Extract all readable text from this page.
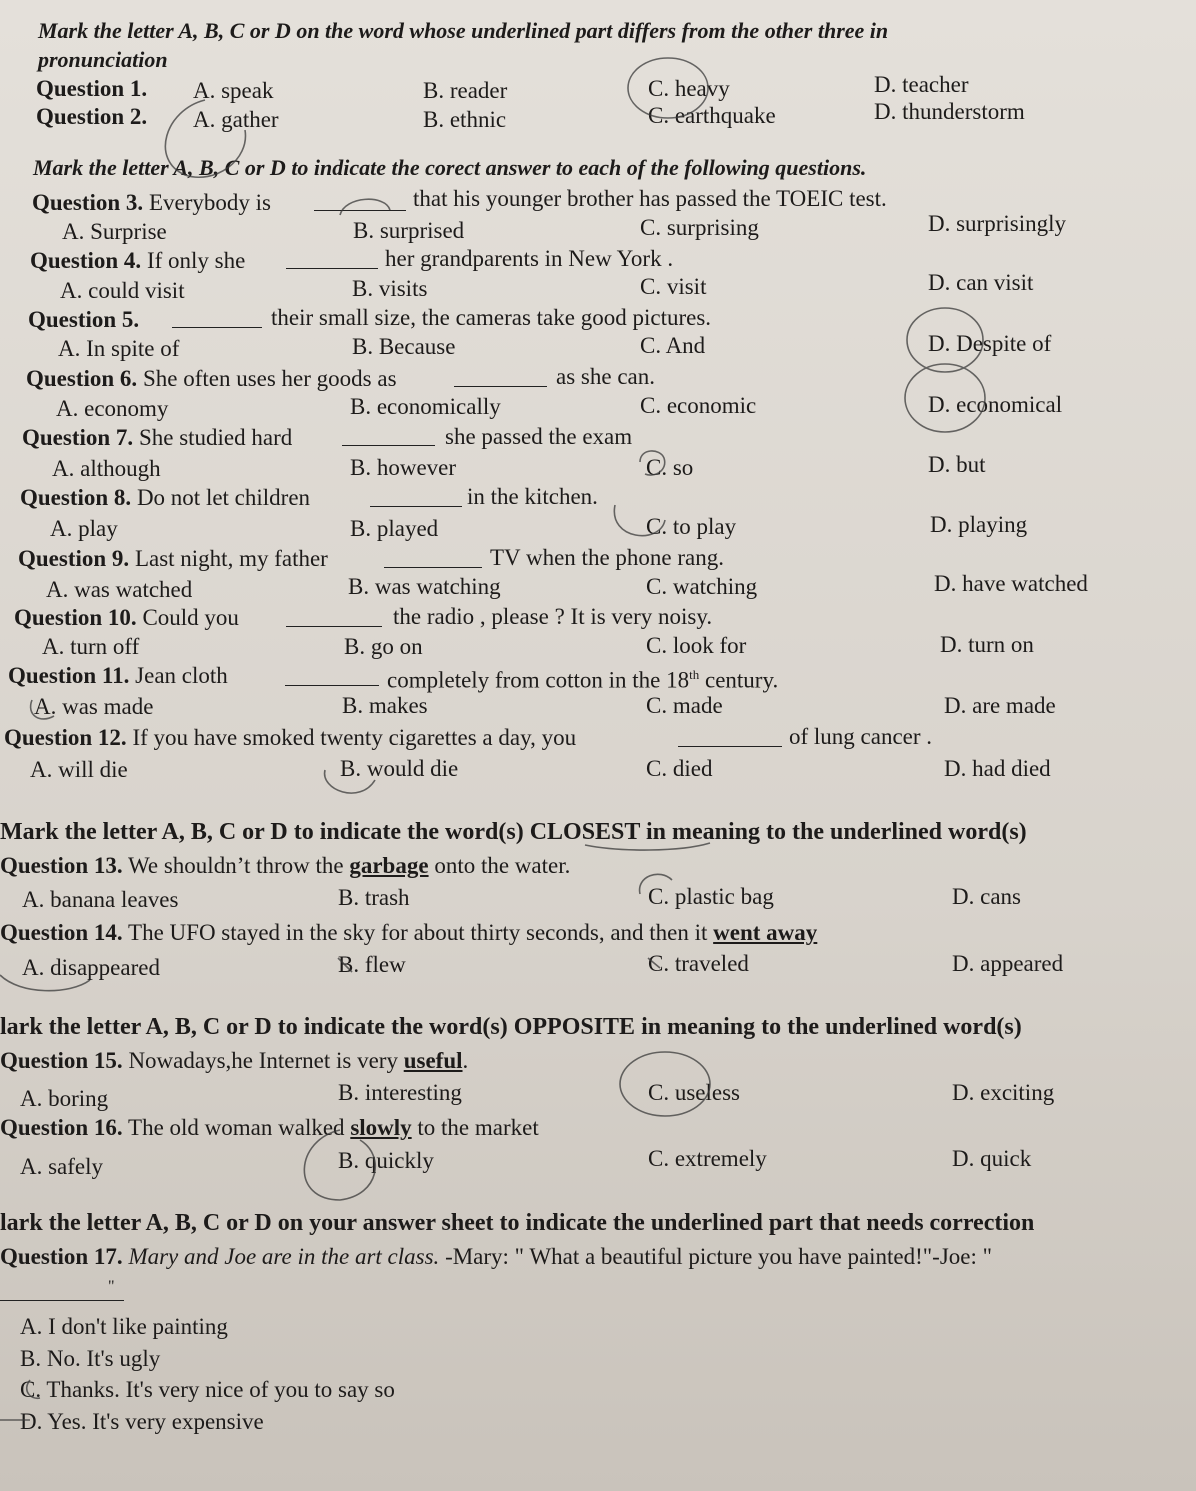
Mark the letter A, B, C or D on the word whose underlined part differs from the other three in
pronunciation
Question 1. A. speak	B. reader	C. heavy	D. teacher
Question 2. A. gather	B. ethnic	C. earthquake	D. thunderstorm
Mark the letter A, B, C or D to indicate the corect answer to each of the following questions.
Question 3. Everybody is	that his younger brother has passed the TOEIC test.
A. Surprise	B. surprised	C. surprising	D. surprisingly
Question 4. If only she	her grandparents in New York .
A. could visit	B. visits	C. visit	D. can visit
Question 5.	their small size, the cameras take good pictures.
A. In spite of	B. Because	C. And	D. Despite of
Question 6. She often uses her goods as	as she can.
A. economy	B. economically	C. economic	D. economical
Question 7. She studied hard	she passed the exam
A. although	B. however	C. so	D. but
Question 8. Do not let children	in the kitchen.
A. play	B. played	C. to play	D. playing
Question 9. Last night, my father	TV when the phone rang.
A. was watched	B. was watching	C. watching	D. have watched
Question 10. Could you	the radio , please ? It is very noisy.
A. turn off	B. go on	C. look for	D. turn on
Question 11. Jean cloth	completely from cotton in the 18th century.
A. was made	B. makes	C. made	D. are made
Question 12. If you have smoked twenty cigarettes a day, you	of lung cancer .
A. will die	B. would die	C. died	D. had died
Mark the letter A, B, C or D to indicate the word(s) CLOSEST in meaning to the underlined word(s)
Question 13. We shouldn’t throw the garbage onto the water.
A. banana leaves	B. trash	C. plastic bag	D. cans
Question 14. The UFO stayed in the sky for about thirty seconds, and then it went away
A. disappeared	B. flew	C. traveled	D. appeared
lark the letter A, B, C or D to indicate the word(s) OPPOSITE in meaning to the underlined word(s)
Question 15. Nowadays,he Internet is very useful.
A. boring	B. interesting	C. useless	D. exciting
Question 16. The old woman walked slowly to the market
A. safely	B. quickly	C. extremely	D. quick
lark the letter A, B, C or D on your answer sheet to indicate the underlined part that needs correction
Question 17. Mary and Joe are in the art class. -Mary: " What a beautiful picture you have painted!"-Joe: "
"
A. I don't like painting
B. No. It's ugly
C. Thanks. It's very nice of you to say so
D. Yes. It's very expensive
